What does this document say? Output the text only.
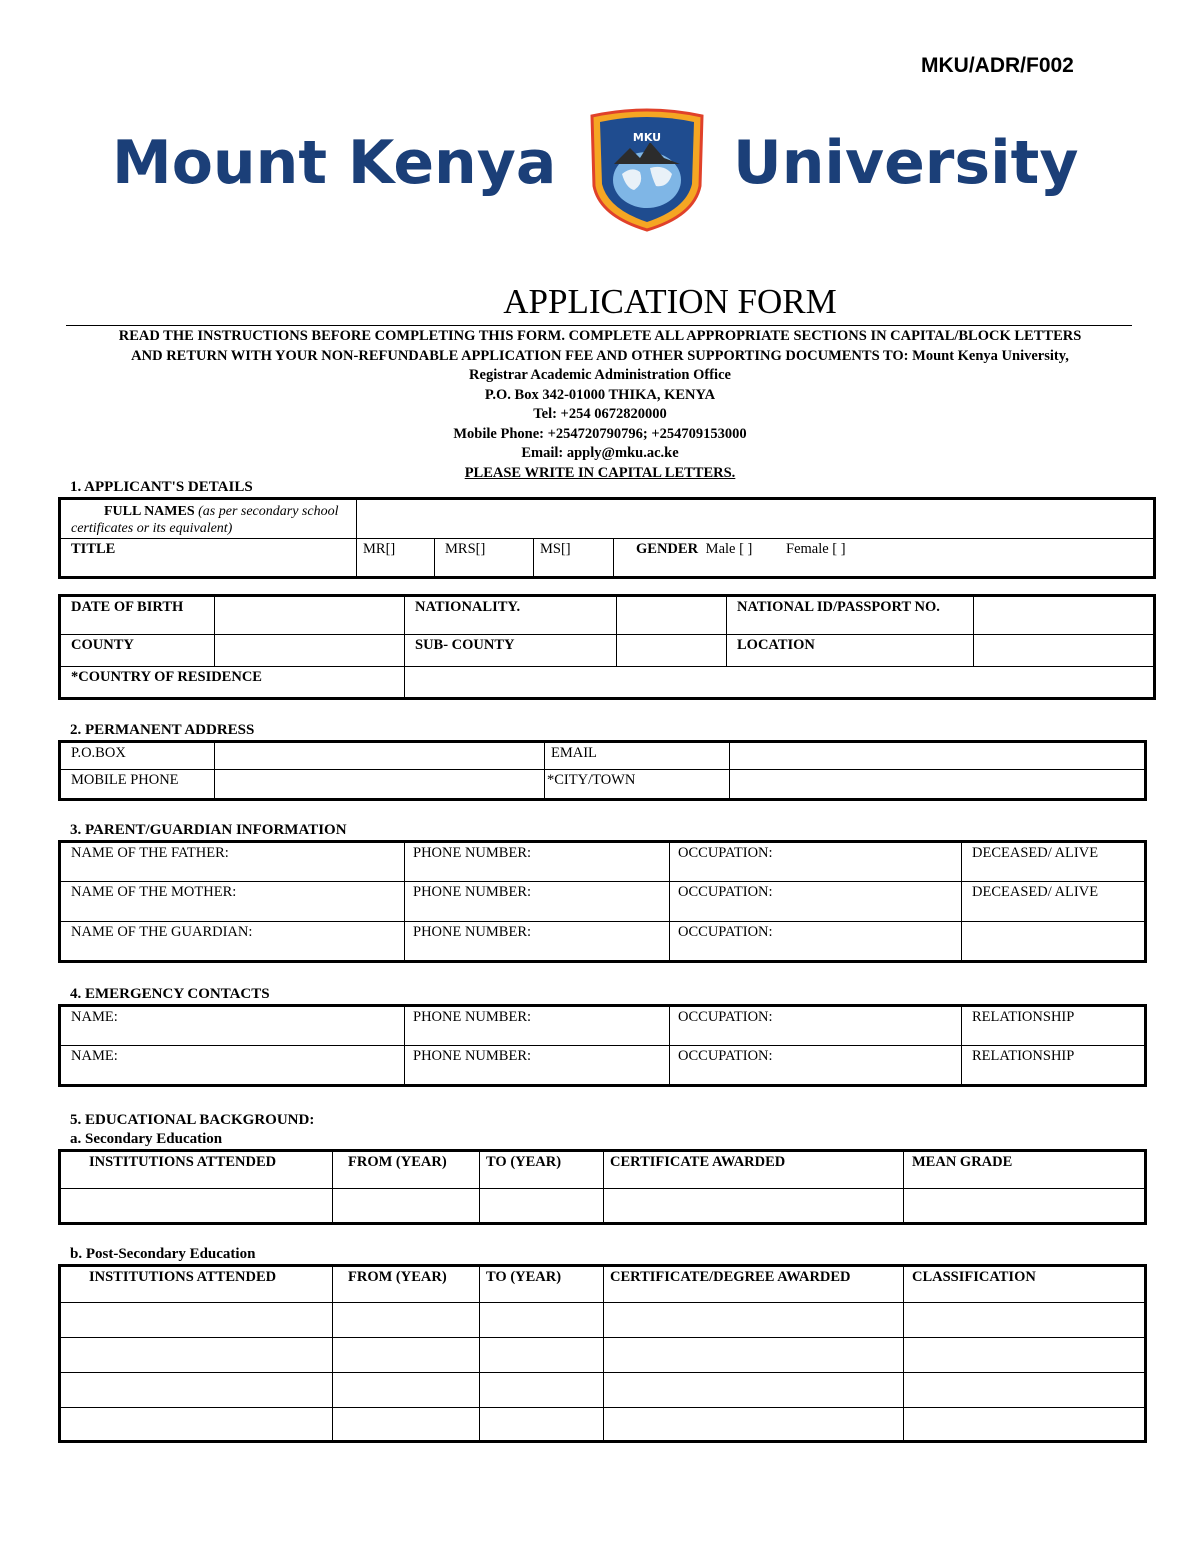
MKU/ADR/F002
Mount Kenya	MKU University
APPLICATION FORM
READ THE INSTRUCTIONS BEFORE COMPLETING THIS FORM. COMPLETE ALL APPROPRIATE SECTIONS IN CAPITAL/BLOCK LETTERS
AND RETURN WITH YOUR NON-REFUNDABLE APPLICATION FEE AND OTHER SUPPORTING DOCUMENTS TO: Mount Kenya University,
Registrar Academic Administration Office
P.O. Box 342-01000 THIKA, KENYA
Tel: +254 0672820000
Mobile Phone: +254720790796; +254709153000
Email: apply@mku.ac.ke
PLEASE WRITE IN CAPITAL LETTERS.
1. APPLICANT'S DETAILS
FULL NAMES (as per secondary school certificates or its equivalent)				
TITLE	MR[]	MRS[]	MS[]	GENDER Male [ ] Female [ ]
DATE OF BIRTH		NATIONALITY.		NATIONAL ID/PASSPORT NO.	
COUNTY		SUB- COUNTY		LOCATION	
*COUNTRY OF RESIDENCE					
2. PERMANENT ADDRESS
P.O.BOX		EMAIL	
MOBILE PHONE		*CITY/TOWN	
3. PARENT/GUARDIAN INFORMATION
NAME OF THE FATHER:	PHONE NUMBER:	OCCUPATION:	DECEASED/ ALIVE
NAME OF THE MOTHER:	PHONE NUMBER:	OCCUPATION:	DECEASED/ ALIVE
NAME OF THE GUARDIAN:	PHONE NUMBER:	OCCUPATION:	
4. EMERGENCY CONTACTS
NAME:	PHONE NUMBER:	OCCUPATION:	RELATIONSHIP
NAME:	PHONE NUMBER:	OCCUPATION:	RELATIONSHIP
5. EDUCATIONAL BACKGROUND:
a. Secondary Education
INSTITUTIONS ATTENDED	FROM (YEAR)	TO (YEAR)	CERTIFICATE AWARDED	MEAN GRADE

b. Post-Secondary Education
INSTITUTIONS ATTENDED	FROM (YEAR)	TO (YEAR)	CERTIFICATE/DEGREE AWARDED	CLASSIFICATION
